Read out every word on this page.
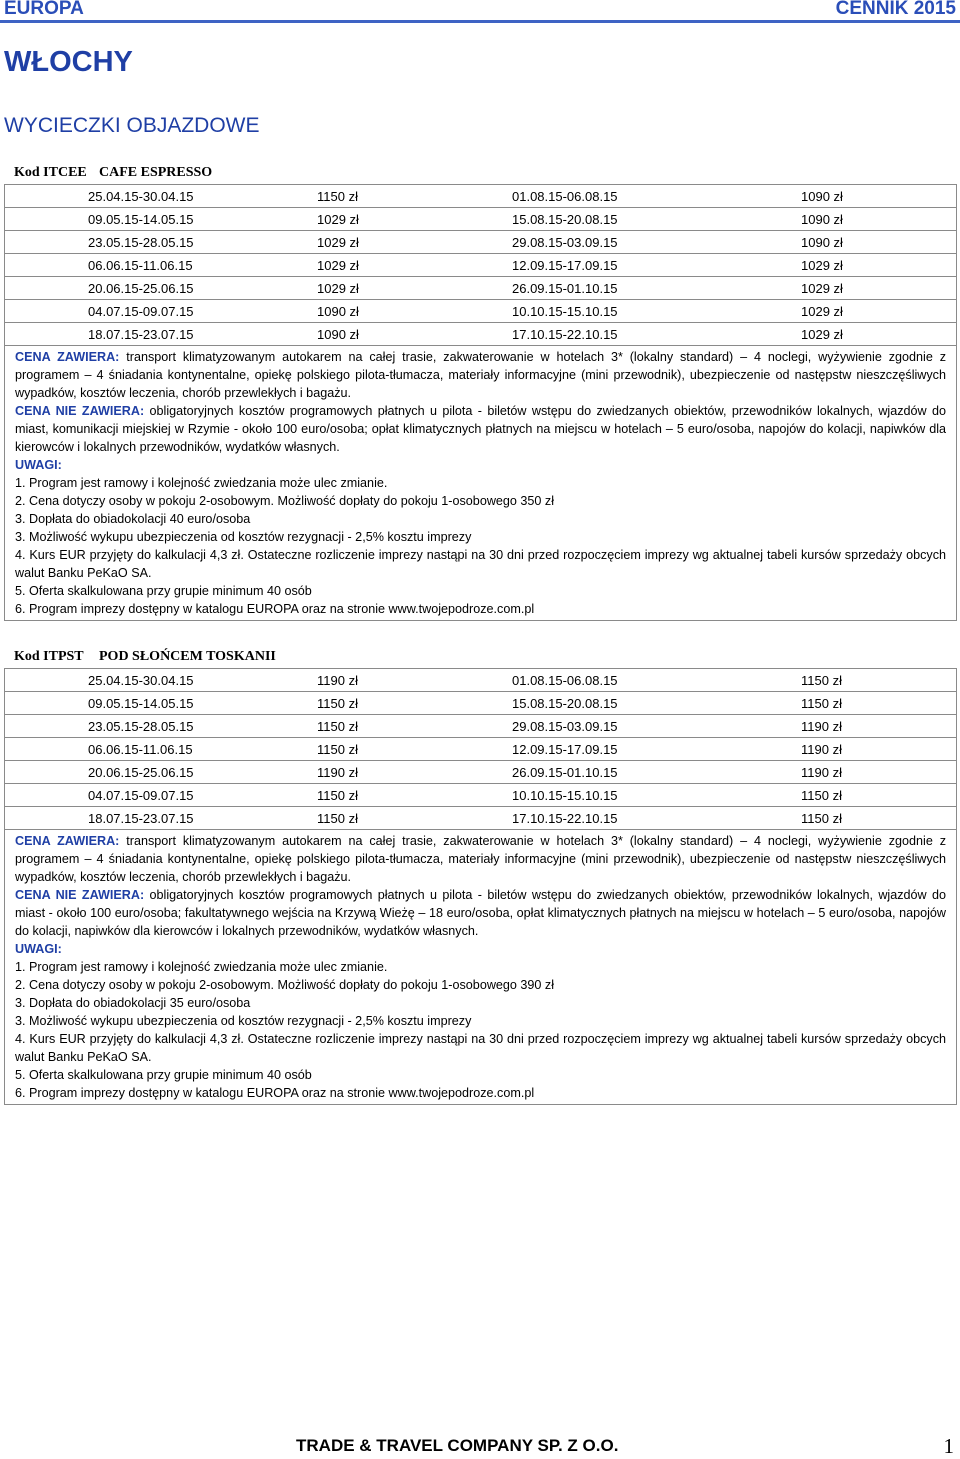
EUROPA	CENNIK 2015
WŁOCHY
WYCIECZKI OBJAZDOWE
Kod ITCEE CAFE ESPRESSO
25.04.15-30.04.15	1150 zł	01.08.15-06.08.15	1090 zł
09.05.15-14.05.15	1029 zł	15.08.15-20.08.15	1090 zł
23.05.15-28.05.15	1029 zł	29.08.15-03.09.15	1090 zł
06.06.15-11.06.15	1029 zł	12.09.15-17.09.15	1029 zł
20.06.15-25.06.15	1029 zł	26.09.15-01.10.15	1029 zł
04.07.15-09.07.15	1090 zł	10.10.15-15.10.15	1029 zł
18.07.15-23.07.15	1090 zł	17.10.15-22.10.15	1029 zł

CENA ZAWIERA: transport klimatyzowanym autokarem na całej trasie, zakwaterowanie w hotelach 3* (lokalny standard) – 4 noclegi, wyżywienie zgodnie z programem – 4 śniadania kontynentalne, opiekę polskiego pilota-tłumacza, materiały informacyjne (mini przewodnik), ubezpieczenie od następstw nieszczęśliwych wypadków, kosztów leczenia, chorób przewlekłych i bagażu.

CENA NIE ZAWIERA: obligatoryjnych kosztów programowych płatnych u pilota - biletów wstępu do zwiedzanych obiektów, przewodników lokalnych, wjazdów do miast, komunikacji miejskiej w Rzymie - około 100 euro/osoba; opłat klimatycznych płatnych na miejscu w hotelach – 5 euro/osoba, napojów do kolacji, napiwków dla kierowców i lokalnych przewodników, wydatków własnych.

UWAGI:

1. Program jest ramowy i kolejność zwiedzania może ulec zmianie.

2. Cena dotyczy osoby w pokoju 2-osobowym. Możliwość dopłaty do pokoju 1-osobowego 350 zł

3. Dopłata do obiadokolacji 40 euro/osoba

3. Możliwość wykupu ubezpieczenia od kosztów rezygnacji - 2,5% kosztu imprezy

4. Kurs EUR przyjęty do kalkulacji 4,3 zł. Ostateczne rozliczenie imprezy nastąpi na 30 dni przed rozpoczęciem imprezy wg aktualnej tabeli kursów sprzedaży obcych walut Banku PeKaO SA.

5. Oferta skalkulowana przy grupie minimum 40 osób

6. Program imprezy dostępny w katalogu EUROPA oraz na stronie www.twojepodroze.com.pl

Kod ITPST POD SŁOŃCEM TOSKANII
25.04.15-30.04.15	1190 zł	01.08.15-06.08.15	1150 zł
09.05.15-14.05.15	1150 zł	15.08.15-20.08.15	1150 zł
23.05.15-28.05.15	1150 zł	29.08.15-03.09.15	1190 zł
06.06.15-11.06.15	1150 zł	12.09.15-17.09.15	1190 zł
20.06.15-25.06.15	1190 zł	26.09.15-01.10.15	1190 zł
04.07.15-09.07.15	1150 zł	10.10.15-15.10.15	1150 zł
18.07.15-23.07.15	1150 zł	17.10.15-22.10.15	1150 zł

CENA ZAWIERA: transport klimatyzowanym autokarem na całej trasie, zakwaterowanie w hotelach 3* (lokalny standard) – 4 noclegi, wyżywienie zgodnie z programem – 4 śniadania kontynentalne, opiekę polskiego pilota-tłumacza, materiały informacyjne (mini przewodnik), ubezpieczenie od następstw nieszczęśliwych wypadków, kosztów leczenia, chorób przewlekłych i bagażu.

CENA NIE ZAWIERA: obligatoryjnych kosztów programowych płatnych u pilota - biletów wstępu do zwiedzanych obiektów, przewodników lokalnych, wjazdów do miast - około 100 euro/osoba; fakultatywnego wejścia na Krzywą Wieżę – 18 euro/osoba, opłat klimatycznych płatnych na miejscu w hotelach – 5 euro/osoba, napojów do kolacji, napiwków dla kierowców i lokalnych przewodników, wydatków własnych.

UWAGI:

1. Program jest ramowy i kolejność zwiedzania może ulec zmianie.

2. Cena dotyczy osoby w pokoju 2-osobowym. Możliwość dopłaty do pokoju 1-osobowego 390 zł

3. Dopłata do obiadokolacji 35 euro/osoba

3. Możliwość wykupu ubezpieczenia od kosztów rezygnacji - 2,5% kosztu imprezy

4. Kurs EUR przyjęty do kalkulacji 4,3 zł. Ostateczne rozliczenie imprezy nastąpi na 30 dni przed rozpoczęciem imprezy wg aktualnej tabeli kursów sprzedaży obcych walut Banku PeKaO SA.

5. Oferta skalkulowana przy grupie minimum 40 osób

6. Program imprezy dostępny w katalogu EUROPA oraz na stronie www.twojepodroze.com.pl

TRADE & TRAVEL COMPANY SP. Z O.O.	1
